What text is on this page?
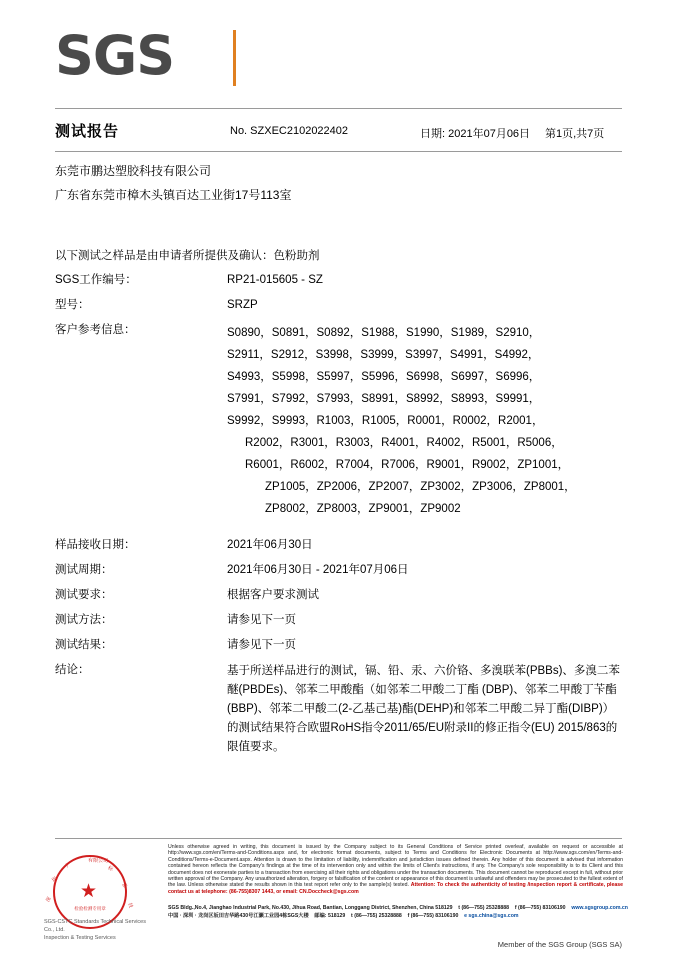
SGS
测试报告	No. SZXEC2102022402	日期: 2021年07月06日 第1页,共7页
东莞市鹏达塑胶科技有限公司
广东省东莞市樟木头镇百达工业街17号113室
以下测试之样品是由申请者所提供及确认：色粉助剂
SGS工作编号：	RP21-015605 - SZ
型号：	SRZP
客户参考信息：	S0890，S0891，S0892，S1988，S1990，S1989，S2910，
S2911，S2912，S3998，S3999，S3997，S4991，S4992，
S4993，S5998，S5997，S5996，S6998，S6997，S6996，
S7991，S7992，S7993，S8991，S8992，S8993，S9991，
S9992，S9993，R1003，R1005，R0001，R0002，R2001，
R2002，R3001，R3003，R4001，R4002，R5001，R5006，
R6001，R6002，R7004，R7006，R9001，R9002，ZP1001，
ZP1005，ZP2006，ZP2007，ZP3002，ZP3006，ZP8001，
ZP8002，ZP8003，ZP9001，ZP9002
样品接收日期：	2021年06月30日
测试周期：	2021年06月30日 - 2021年07月06日
测试要求：	根据客户要求测试
测试方法：	请参见下一页
测试结果：	请参见下一页
结论：	基于所送样品进行的测试，镉、铅、汞、六价铬、多溴联苯(PBBs)、多溴二苯醚(PBDEs)、邻苯二甲酸酯（如邻苯二甲酸二丁酯 (DBP)、邻苯二甲酸丁苄酯(BBP)、邻苯二甲酸二(2-乙基己基)酯(DEHP)和邻苯二甲酸二异丁酯(DIBP)）的测试结果符合欧盟RoHS指令2011/65/EU附录II的修正指令(EU) 2015/863的限值要求。
★
深
圳
）
有限公司
标
准
技
检验检测专用章
SGS-CSTC Standards Technical Services Co., Ltd.
Inspection & Testing Services
Unless otherwise agreed in writing, this document is issued by the Company subject to its General Conditions of Service printed overleaf, available on request or accessible at http://www.sgs.com/en/Terms-and-Conditions.aspx and, for electronic format documents, subject to Terms and Conditions for Electronic Documents at http://www.sgs.com/en/Terms-and-Conditions/Terms-e-Document.aspx. Attention is drawn to the limitation of liability, indemnification and jurisdiction issues defined therein. Any holder of this document is advised that information contained hereon reflects the Company's findings at the time of its intervention only and within the limits of Client's instructions, if any. The Company's sole responsibility is to its Client and this document does not exonerate parties to a transaction from exercising all their rights and obligations under the transaction documents. This document cannot be reproduced except in full, without prior written approval of the Company. Any unauthorized alteration, forgery or falsification of the content or appearance of this document is unlawful and offenders may be prosecuted to the fullest extent of the law. Unless otherwise stated the results shown in this test report refer only to the sample(s) tested. Attention: To check the authenticity of testing /inspection report & certificate, please contact us at telephone: (86-755)8307 1443, or email: CN.Doccheck@sgs.com
SGS Bldg.,No.4, Jianghao Industrial Park, No.430, Jihua Road, Bantian, Longgang District, Shenzhen, China 518129 t (86—755) 25328888 f (86—755) 83106190 www.sgsgroup.com.cn
中国 · 深圳 · 龙岗区坂田吉华路430号江灏工业园4栋SGS大楼 邮编: 518129 t (86—755) 25328888 f (86—755) 83106190 e sgs.china@sgs.com
Member of the SGS Group (SGS SA)
